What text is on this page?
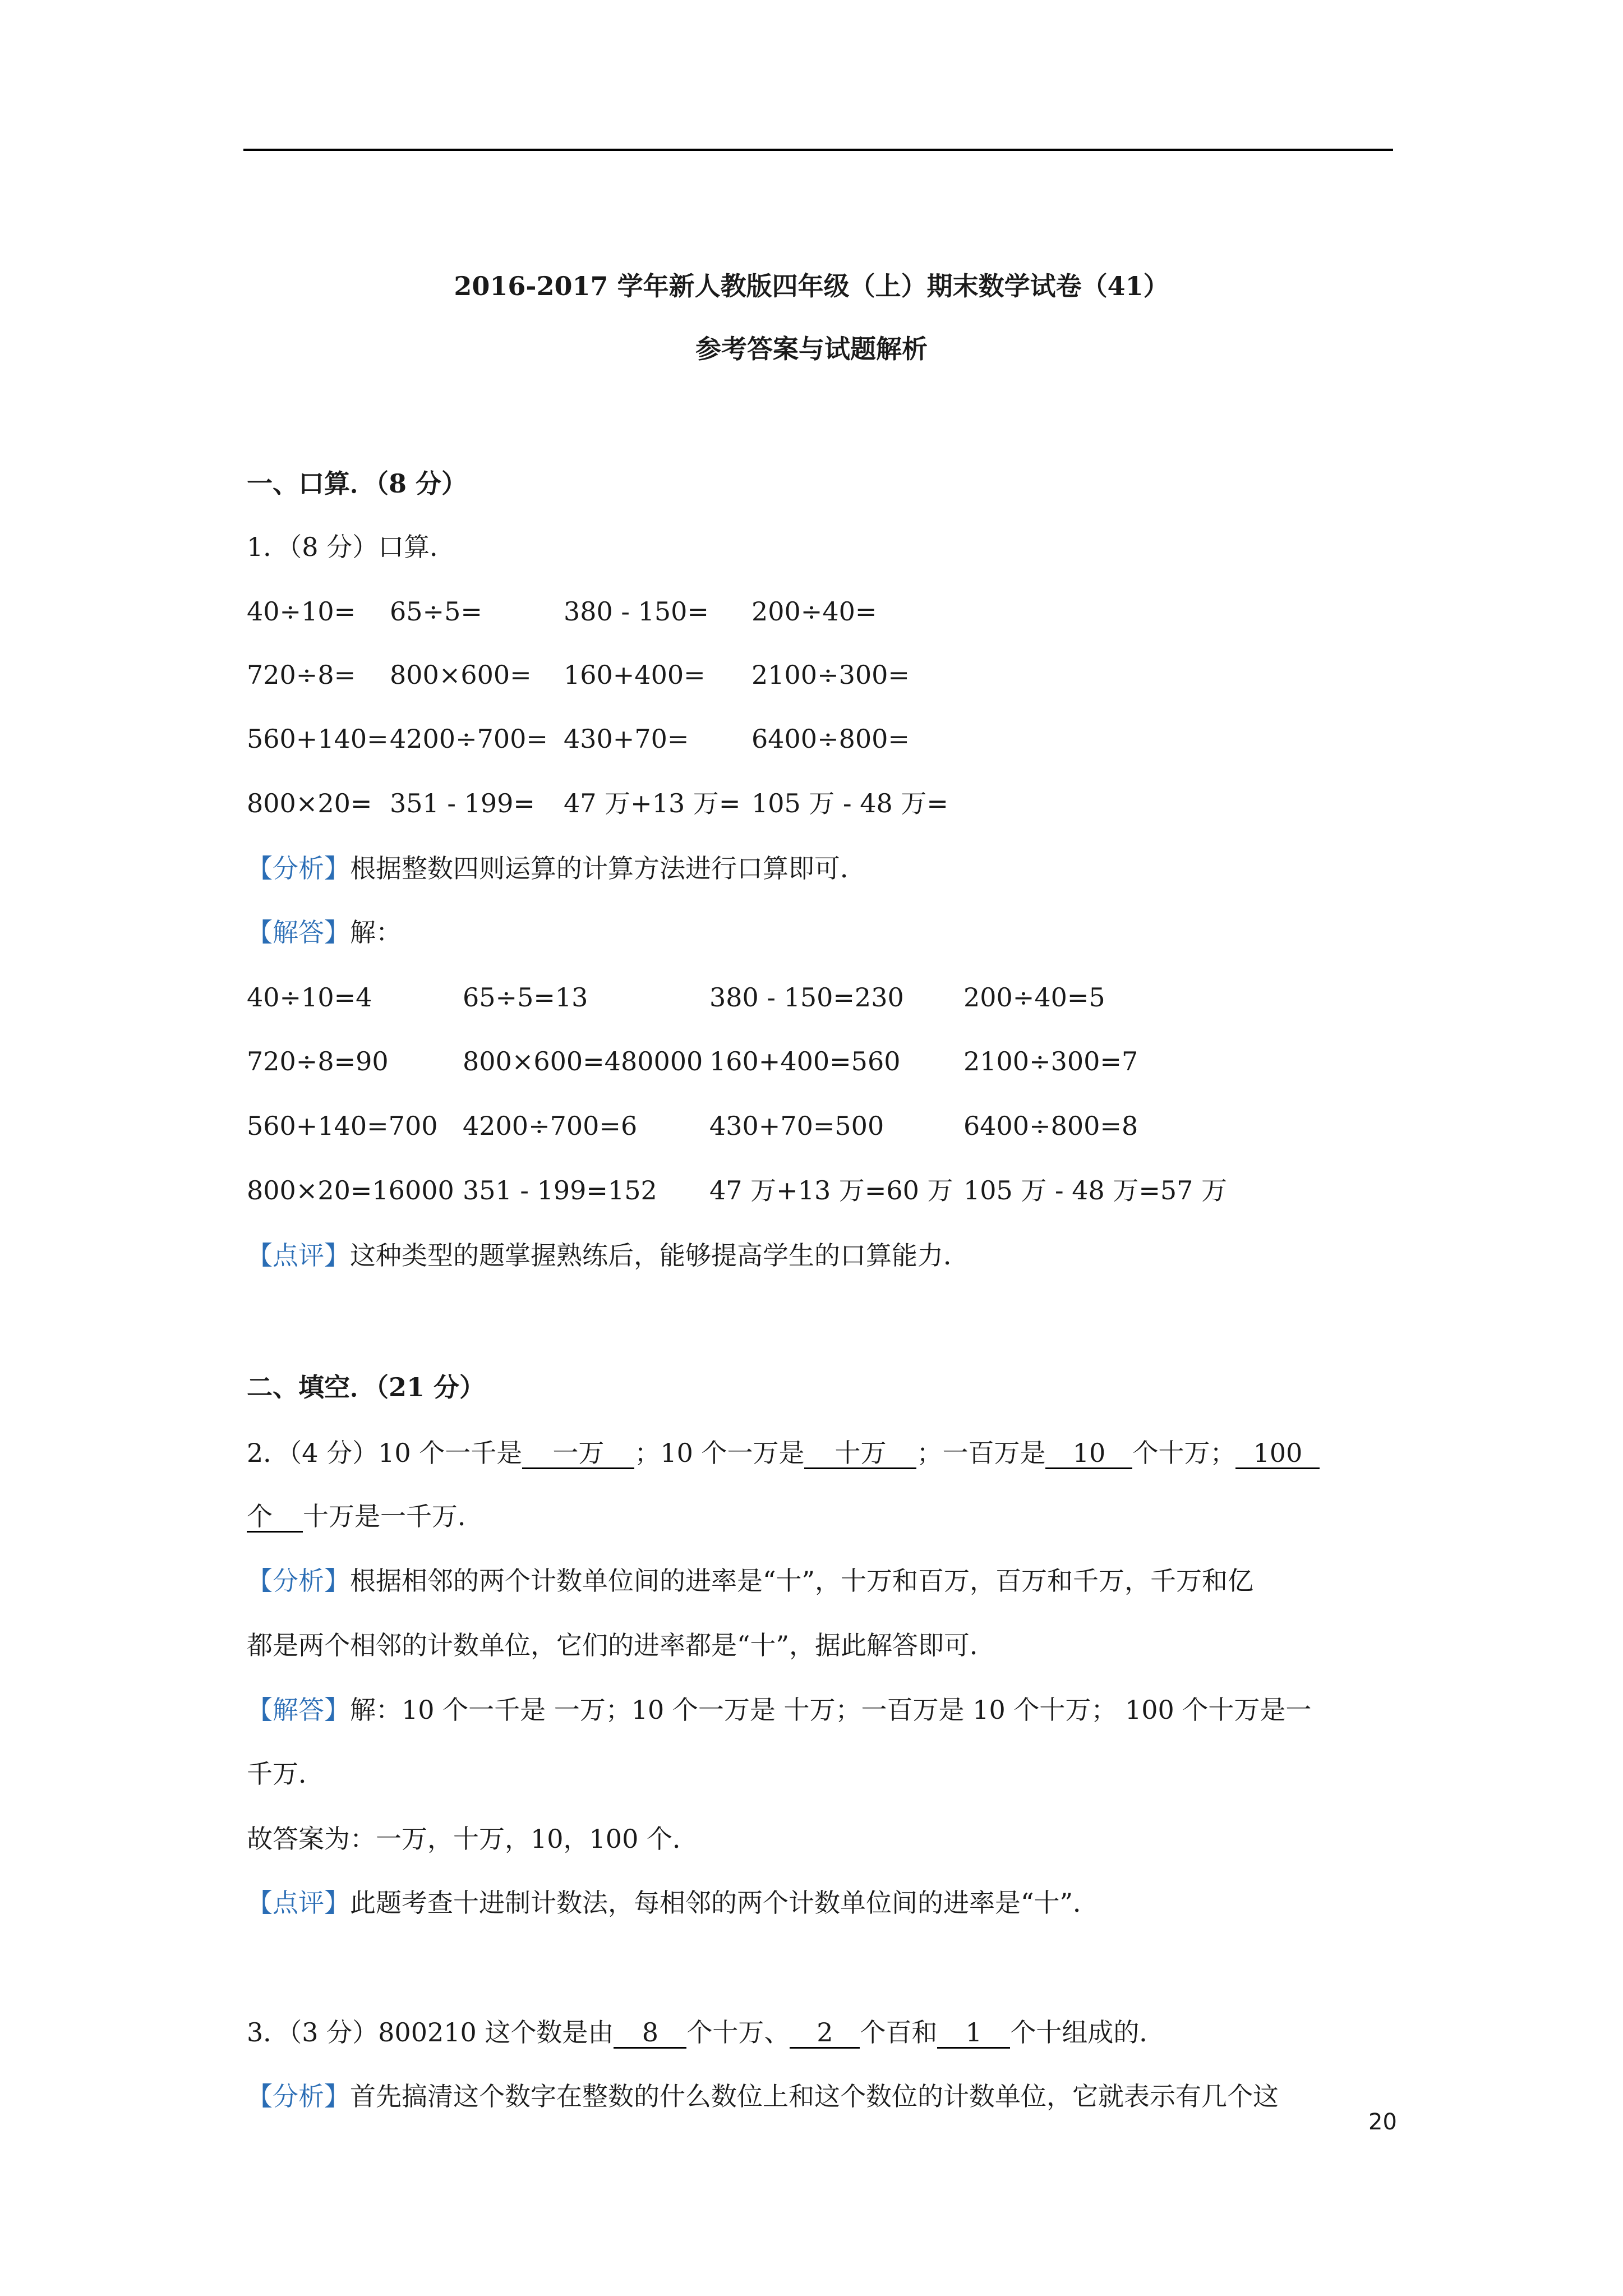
2016-2017 学年新人教版四年级（上）期末数学试卷（41）
参考答案与试题解析
一、口算．（8 分）
1．（8 分）口算．
40÷10= 65÷5=	380 - 150= 200÷40=
720÷8= 800×600= 160+400= 2100÷300=
560+140= 4200÷700= 430+70= 6400÷800=
800×20= 351 - 199= 47 万+13 万= 105 万 - 48 万=
【分析】根据整数四则运算的计算方法进行口算即可．
【解答】解：
40÷10=4	65÷5=13	380 - 150=230 200÷40=5
720÷8=90	800×600=480000 160+400=560 2100÷300=7
560+140=700 4200÷700=6	430+70=500	6400÷800=8
800×20=16000 351 - 199=152 47 万+13 万=60 万 105 万 - 48 万=57 万
【点评】这种类型的题掌握熟练后，能够提高学生的口算能力．
二、填空．（21 分）
2．（4 分）10 个一千是 一万 ；10 个一万是 十万 ；一百万是 10 个十万； 100
个 十万是一千万．
【分析】根据相邻的两个计数单位间的进率是“十”，十万和百万，百万和千万，千万和亿
都是两个相邻的计数单位，它们的进率都是“十”，据此解答即可．
【解答】解：10 个一千是 一万；10 个一万是 十万；一百万是 10 个十万； 100 个十万是一
千万．
故答案为：一万，十万，10，100 个．
【点评】此题考查十进制计数法，每相邻的两个计数单位间的进率是“十”．
3．（3 分）800210 这个数是由 8 个十万、 2 个百和 1 个十组成的．
【分析】首先搞清这个数字在整数的什么数位上和这个数位的计数单位，它就表示有几个这
20
